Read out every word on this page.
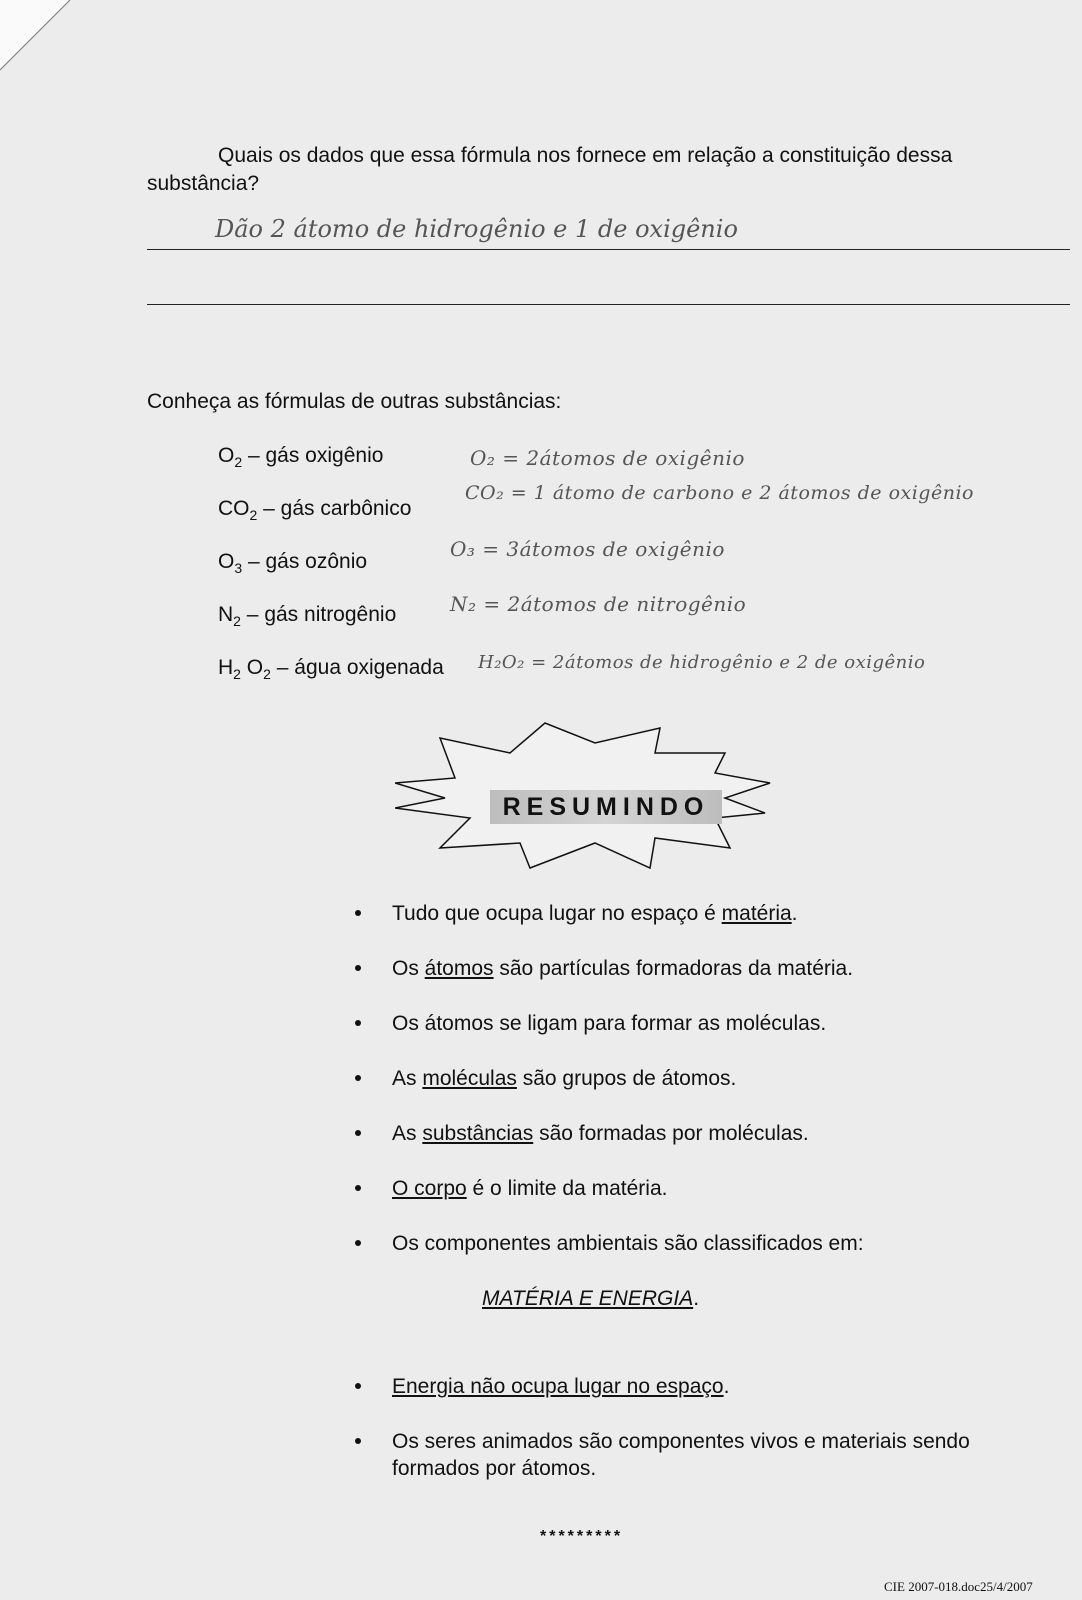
Quais os dados que essa fórmula nos fornece em relação a constituição dessa
substância?
Dão 2 átomo de hidrogênio e 1 de oxigênio
Conheça as fórmulas de outras substâncias:
$O_2$ – gás oxigênio	O₂ = 2átomos de oxigênio
$CO_2$ – gás carbônico
CO₂ = 1 átomo de carbono e 2 átomos de oxigênio
$O_3$ – gás ozônio
O₃ = 3átomos de oxigênio
$N_2$ – gás nitrogênio	N₂ = 2átomos de nitrogênio
$H_2$ $O_2$ – água oxigenada H₂O₂ = 2átomos de hidrogênio e 2 de oxigênio
RESUMINDO
Tudo que ocupa lugar no espaço é matéria.
Os átomos são partículas formadoras da matéria.
Os átomos se ligam para formar as moléculas.
As moléculas são grupos de átomos.
As substâncias são formadas por moléculas.
O corpo é o limite da matéria.
Os componentes ambientais são classificados em:
MATÉRIA E ENERGIA.
Energia não ocupa lugar no espaço.
Os seres animados são componentes vivos e materiais sendo formados por átomos.
*********
CIE 2007-018.doc25/4/2007
